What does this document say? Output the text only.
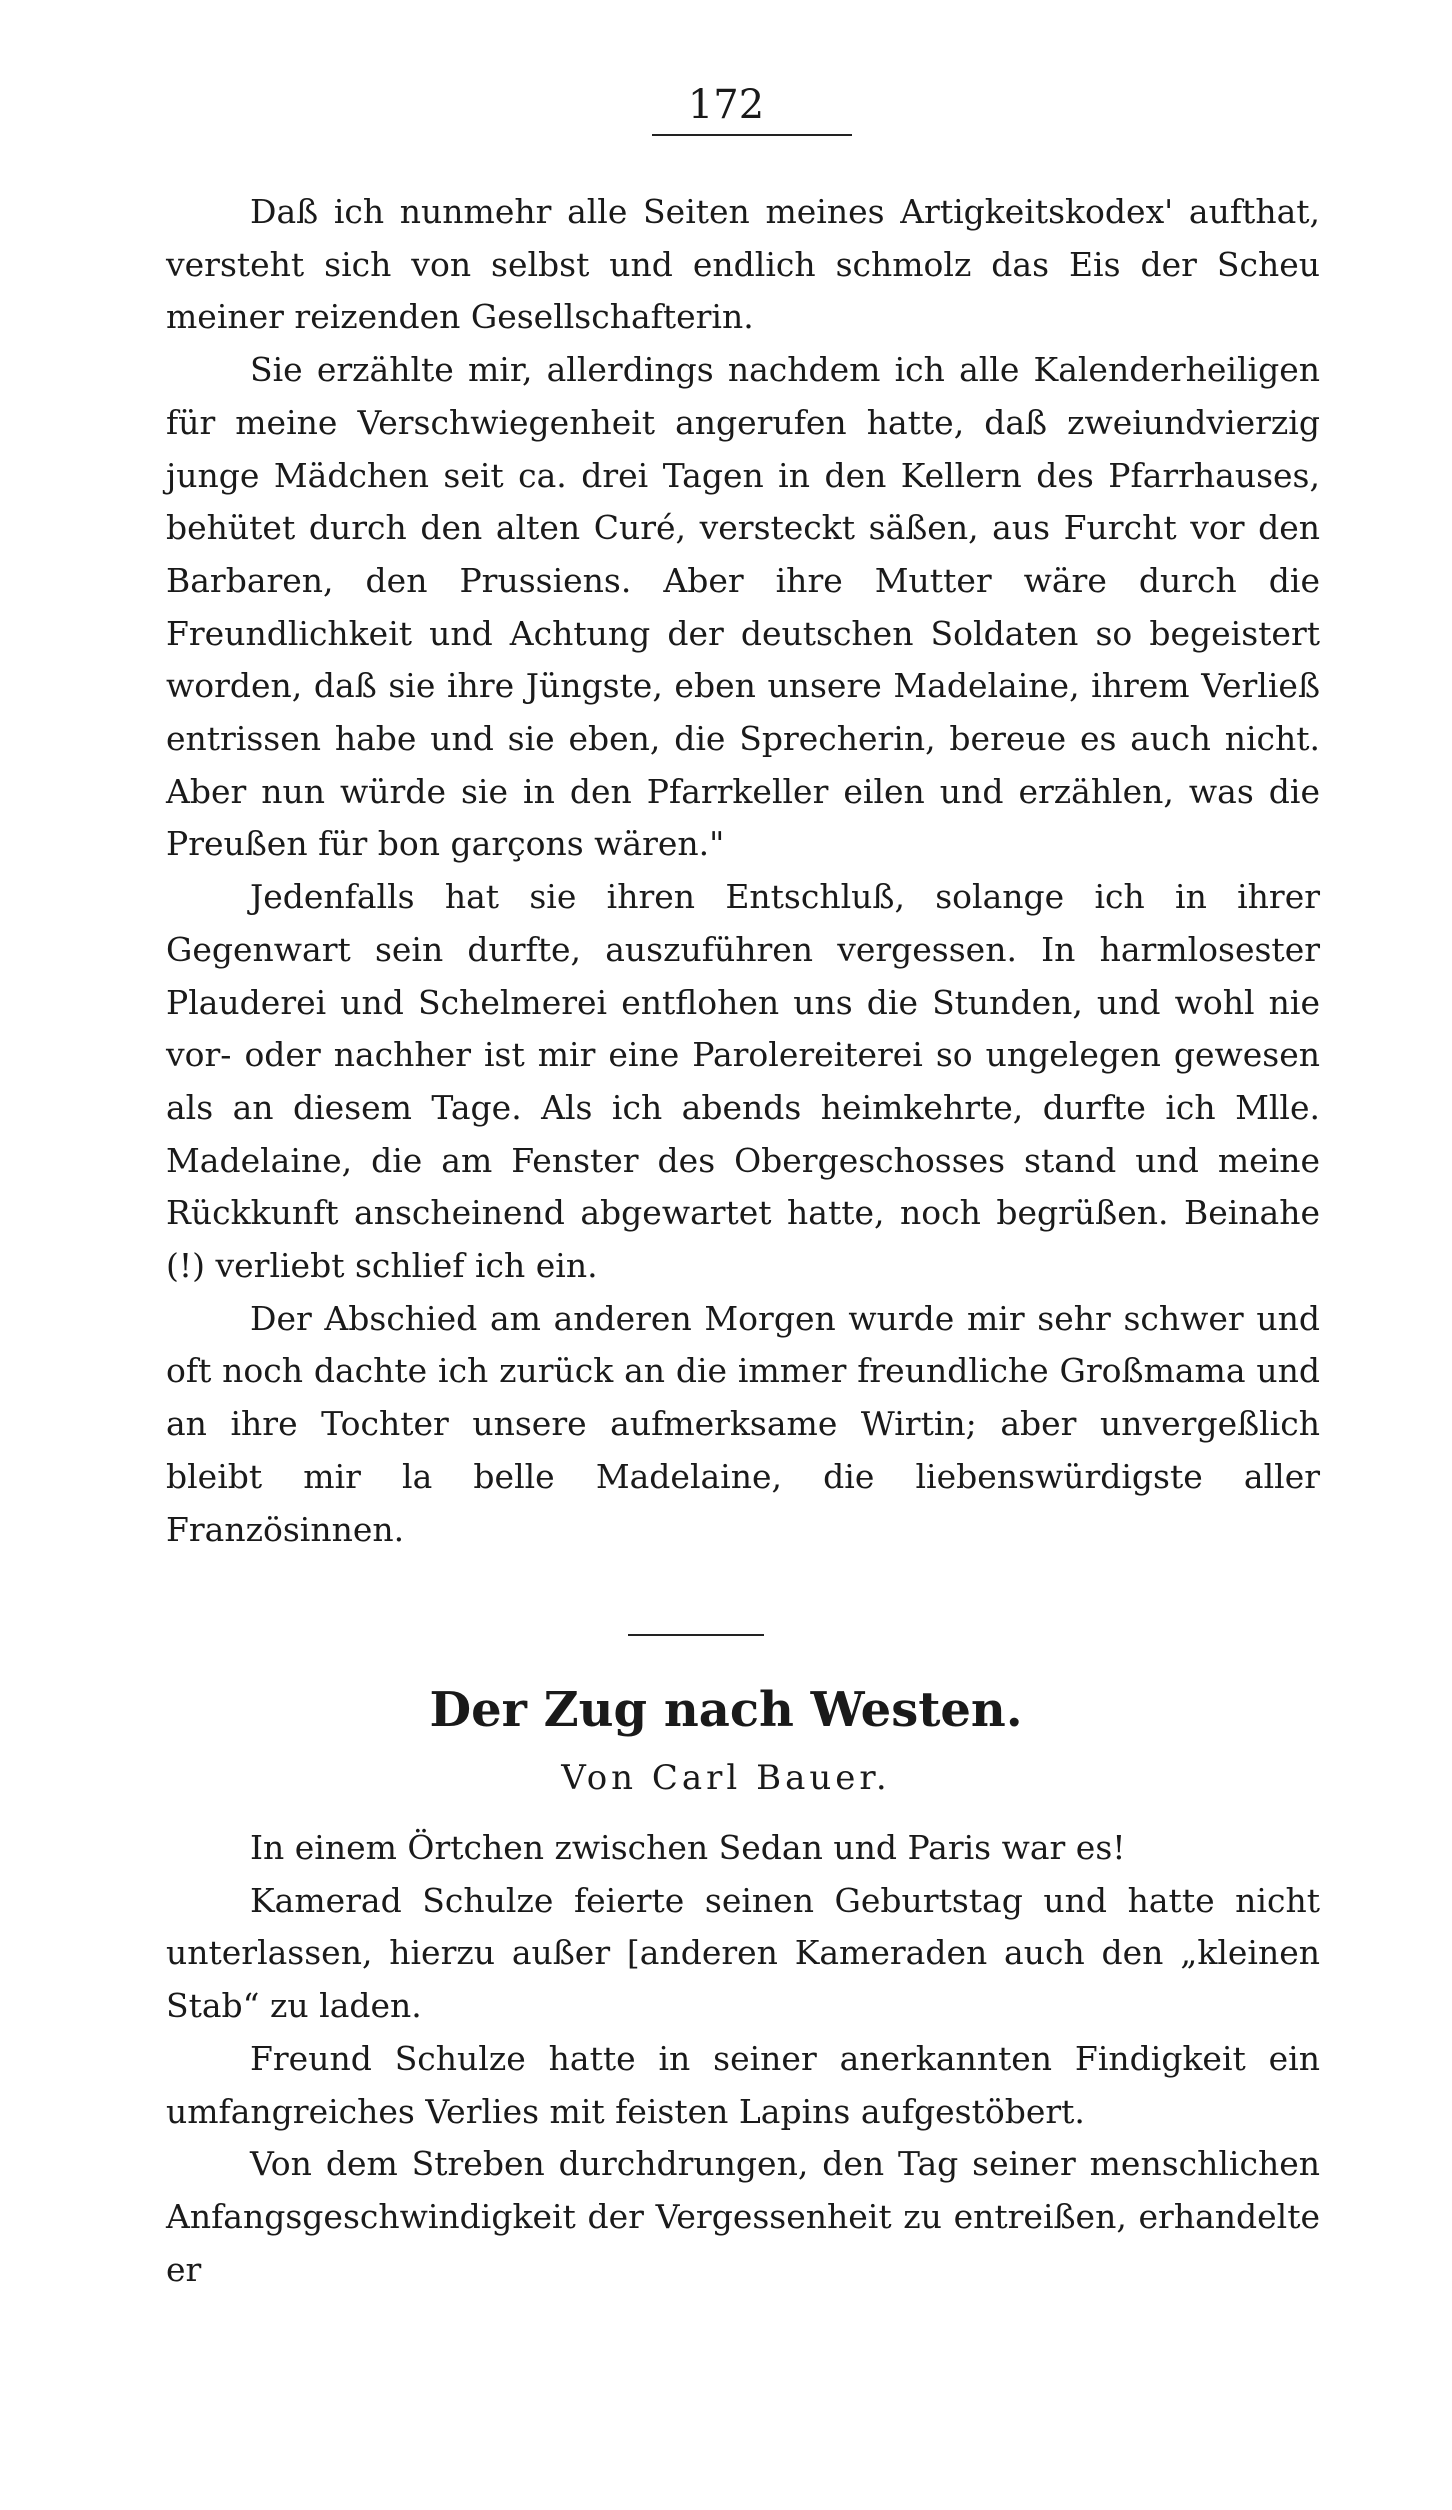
172

Daß ich nunmehr alle Seiten meines Artigkeitskodex' aufthat, versteht sich von selbst und endlich schmolz das Eis der Scheu meiner reizenden Gesellschafterin.

Sie erzählte mir, allerdings nachdem ich alle Kalenderheiligen für meine Verschwiegenheit angerufen hatte, daß zweiundvierzig junge Mädchen seit ca. drei Tagen in den Kellern des Pfarrhauses, behütet durch den alten Curé, versteckt säßen, aus Furcht vor den Barbaren, den Prussiens. Aber ihre Mutter wäre durch die Freundlichkeit und Achtung der deutschen Soldaten so begeistert worden, daß sie ihre Jüngste, eben unsere Madelaine, ihrem Verließ entrissen habe und sie eben, die Sprecherin, bereue es auch nicht. Aber nun würde sie in den Pfarrkeller eilen und erzählen, was die Preußen für bon garçons wären."

Jedenfalls hat sie ihren Entschluß, solange ich in ihrer Gegenwart sein durfte, auszuführen vergessen. In harmlosester Plauderei und Schelmerei entflohen uns die Stunden, und wohl nie vor- oder nachher ist mir eine Parolereiterei so ungelegen gewesen als an diesem Tage. Als ich abends heimkehrte, durfte ich Mlle. Madelaine, die am Fenster des Obergeschosses stand und meine Rückkunft anscheinend abgewartet hatte, noch begrüßen. Beinahe (!) verliebt schlief ich ein.

Der Abschied am anderen Morgen wurde mir sehr schwer und oft noch dachte ich zurück an die immer freundliche Großmama und an ihre Tochter unsere aufmerksame Wirtin; aber unvergeßlich bleibt mir la belle Madelaine, die liebenswürdigste aller Französinnen.

Der Zug nach Westen.
Von Carl Bauer.

In einem Örtchen zwischen Sedan und Paris war es!

Kamerad Schulze feierte seinen Geburtstag und hatte nicht unterlassen, hierzu außer [anderen Kameraden auch den „kleinen Stab“ zu laden.

Freund Schulze hatte in seiner anerkannten Findigkeit ein umfangreiches Verlies mit feisten Lapins aufgestöbert.

Von dem Streben durchdrungen, den Tag seiner menschlichen Anfangsgeschwindigkeit der Vergessenheit zu entreißen, erhandelte er
